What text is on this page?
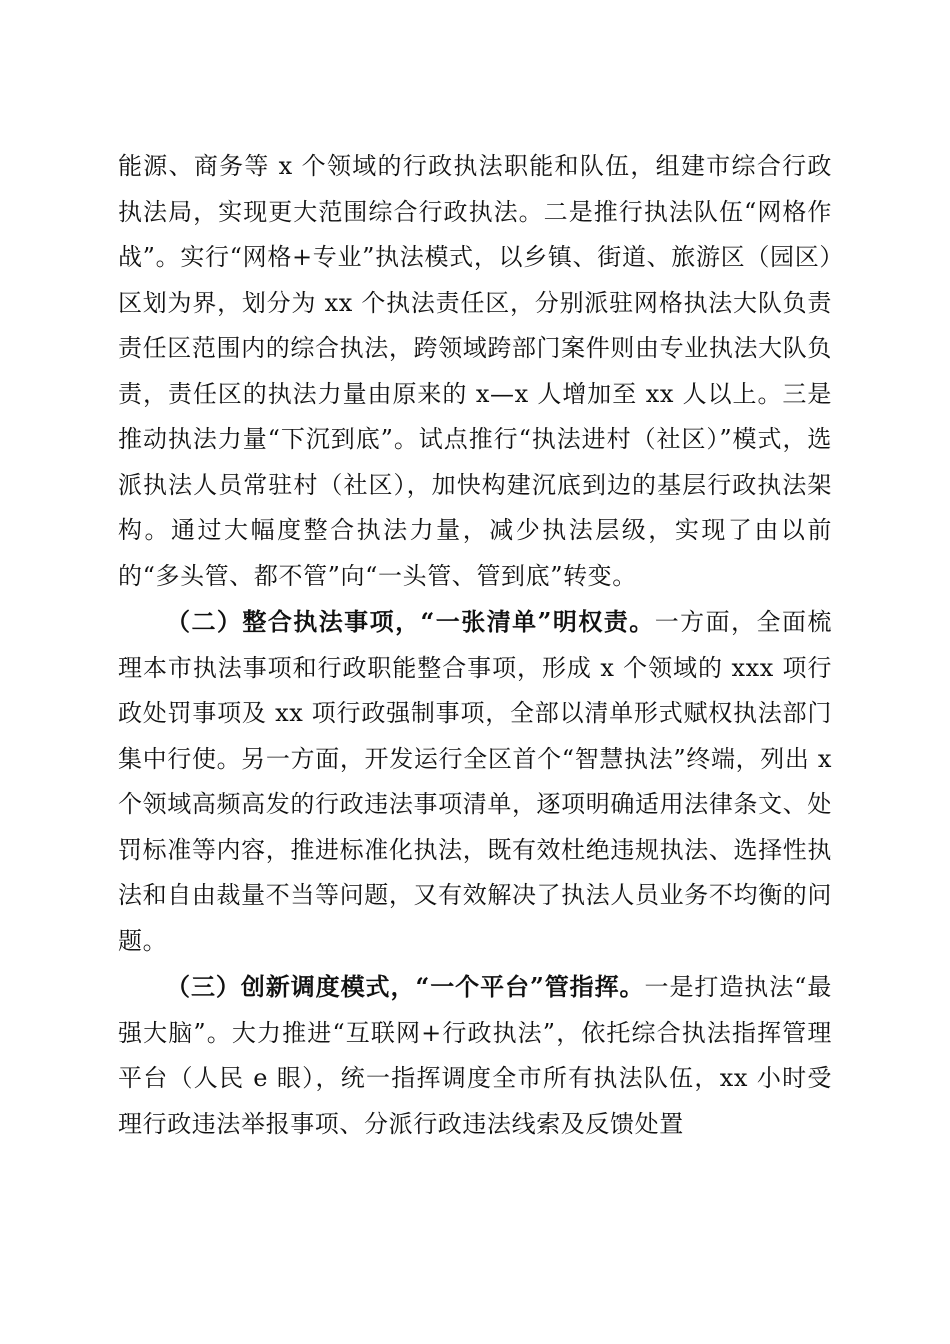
能源、商务等 x 个领域的行政执法职能和队伍，组建市综合行政执法局，实现更大范围综合行政执法。二是推行执法队伍“网格作战”。实行“网格+专业”执法模式，以乡镇、街道、旅游区（园区）区划为界，划分为 xx 个执法责任区，分别派驻网格执法大队负责责任区范围内的综合执法，跨领域跨部门案件则由专业执法大队负责，责任区的执法力量由原来的 x—x 人增加至 xx 人以上。三是推动执法力量“下沉到底”。试点推行“执法进村（社区）”模式，选派执法人员常驻村（社区），加快构建沉底到边的基层行政执法架构。通过大幅度整合执法力量，减少执法层级，实现了由以前的“多头管、都不管”向“一头管、管到底”转变。

（二）整合执法事项，“一张清单”明权责。一方面，全面梳理本市执法事项和行政职能整合事项，形成 x 个领域的 xxx 项行政处罚事项及 xx 项行政强制事项，全部以清单形式赋权执法部门集中行使。另一方面，开发运行全区首个“智慧执法”终端，列出 x 个领域高频高发的行政违法事项清单，逐项明确适用法律条文、处罚标准等内容，推进标准化执法，既有效杜绝违规执法、选择性执法和自由裁量不当等问题，又有效解决了执法人员业务不均衡的问题。

（三）创新调度模式，“一个平台”管指挥。一是打造执法“最强大脑”。大力推进“互联网+行政执法”，依托综合执法指挥管理平台（人民 e 眼），统一指挥调度全市所有执法队伍，xx 小时受理行政违法举报事项、分派行政违法线索及反馈处置
